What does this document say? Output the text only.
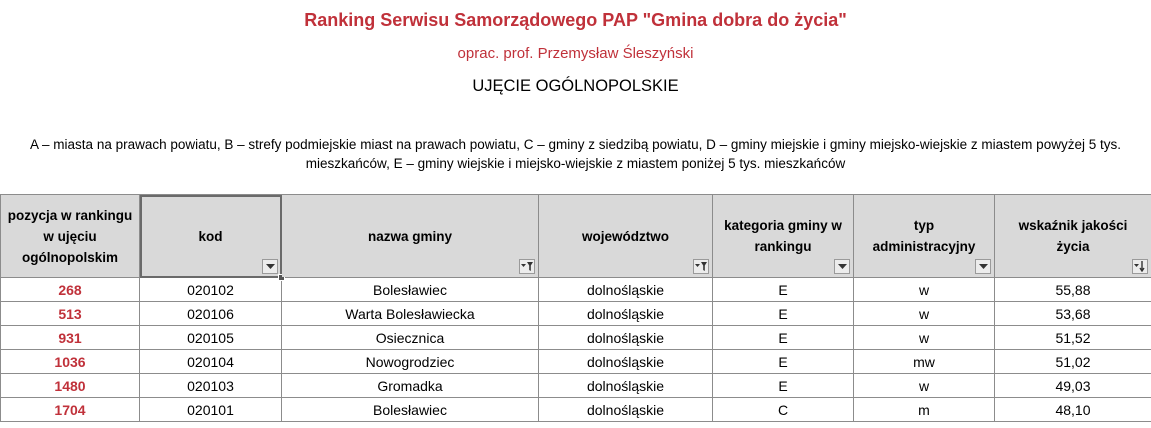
Ranking Serwisu Samorządowego PAP "Gmina dobra do życia"
oprac. prof. Przemysław Śleszyński
UJĘCIE OGÓLNOPOLSKIE
A – miasta na prawach powiatu, B – strefy podmiejskie miast na prawach powiatu, C – gminy z siedzibą powiatu, D – gminy miejskie i gminy miejsko-wiejskie z miastem powyżej 5 tys. mieszkańców, E – gminy wiejskie i miejsko-wiejskie z miastem poniżej 5 tys. mieszkańców
pozycja w rankingu w ujęciu ogólnopolskim	kod	nazwa gminy	województwo	kategoria gminy w rankingu	typ administracyjny	wskaźnik jakości życia

268	020102	Bolesławiec	dolnośląskie	E	w	55,88
513	020106	Warta Bolesławiecka	dolnośląskie	E	w	53,68
931	020105	Osiecznica	dolnośląskie	E	w	51,52
1036	020104	Nowogrodziec	dolnośląskie	E	mw	51,02
1480	020103	Gromadka	dolnośląskie	E	w	49,03
1704	020101	Bolesławiec	dolnośląskie	C	m	48,10
